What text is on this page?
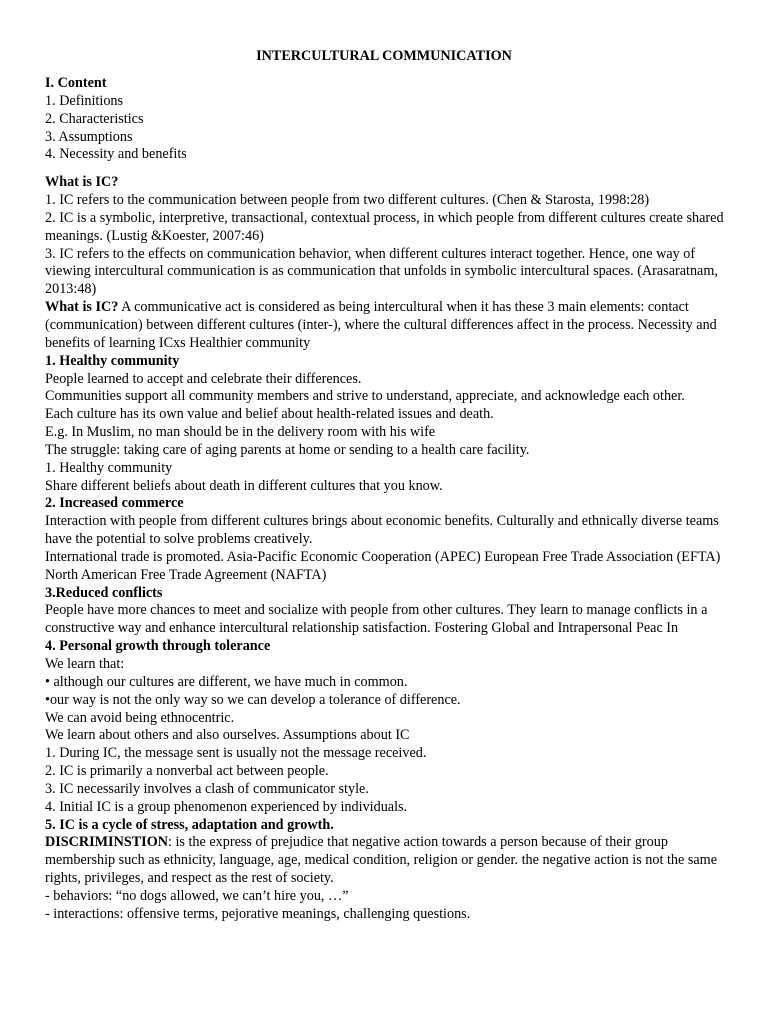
INTERCULTURAL COMMUNICATION

I. Content

1. Definitions

2. Characteristics

3. Assumptions

4. Necessity and benefits

What is IC?

1. IC refers to the communication between people from two different cultures. (Chen & Starosta, 1998:28)

2. IC is a symbolic, interpretive, transactional, contextual process, in which people from different cultures create shared meanings. (Lustig &Koester, 2007:46)

3. IC refers to the effects on communication behavior, when different cultures interact together. Hence, one way of viewing intercultural communication is as communication that unfolds in symbolic intercultural spaces. (Arasaratnam, 2013:48)

What is IC? A communicative act is considered as being intercultural when it has these 3 main elements: contact (communication) between different cultures (inter-), where the cultural differences affect in the process. Necessity and benefits of learning ICxs Healthier community

1. Healthy community

People learned to accept and celebrate their differences.

Communities support all community members and strive to understand, appreciate, and acknowledge each other.

Each culture has its own value and belief about health-related issues and death.

E.g. In Muslim, no man should be in the delivery room with his wife

The struggle: taking care of aging parents at home or sending to a health care facility.

1. Healthy community

Share different beliefs about death in different cultures that you know.

2. Increased commerce

Interaction with people from different cultures brings about economic benefits. Culturally and ethnically diverse teams have the potential to solve problems creatively.

International trade is promoted. Asia-Pacific Economic Cooperation (APEC) European Free Trade Association (EFTA) North American Free Trade Agreement (NAFTA)

3.Reduced conflicts

People have more chances to meet and socialize with people from other cultures. They learn to manage conflicts in a constructive way and enhance intercultural relationship satisfaction. Fostering Global and Intrapersonal Peac In

4. Personal growth through tolerance

We learn that:

• although our cultures are different, we have much in common.

•our way is not the only way so we can develop a tolerance of difference.

We can avoid being ethnocentric.

We learn about others and also ourselves. Assumptions about IC

1. During IC, the message sent is usually not the message received.

2. IC is primarily a nonverbal act between people.

3. IC necessarily involves a clash of communicator style.

4. Initial IC is a group phenomenon experienced by individuals.

5. IC is a cycle of stress, adaptation and growth.

DISCRIMINSTION: is the express of prejudice that negative action towards a person because of their group membership such as ethnicity, language, age, medical condition, religion or gender. the negative action is not the same rights, privileges, and respect as the rest of society.

- behaviors: “no dogs allowed, we can’t hire you, …”

- interactions: offensive terms, pejorative meanings, challenging questions.
